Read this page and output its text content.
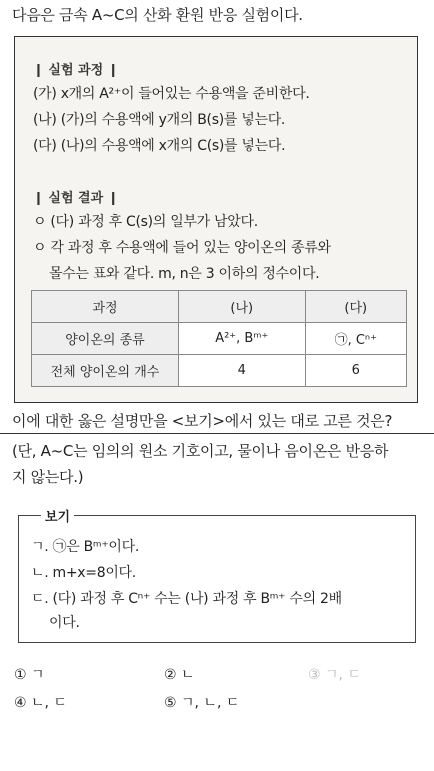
다음은 금속 A~C의 산화 환원 반응 실험이다.
❙ 실험 과정 ❙
(가) x개의 A²⁺이 들어있는 수용액을 준비한다.
(나) (가)의 수용액에 y개의 B(s)를 넣는다.
(다) (나)의 수용액에 x개의 C(s)를 넣는다.
❙ 실험 결과 ❙
ㅇ (다) 과정 후 C(s)의 일부가 남았다.
ㅇ 각 과정 후 수용액에 들어 있는 양이온의 종류와
몰수는 표와 같다. m, n은 3 이하의 정수이다.
과정	(나)	(다)
양이온의 종류	A²⁺, Bᵐ⁺	㉠, Cⁿ⁺
전체 양이온의 개수	4	6
이에 대한 옳은 설명만을 <보기>에서 있는 대로 고른 것은?
(단, A~C는 임의의 원소 기호이고, 물이나 음이온은 반응하
지 않는다.)
보기
ㄱ. ㉠은 Bᵐ⁺이다.
ㄴ. m+x=8이다.
ㄷ. (다) 과정 후 Cⁿ⁺ 수는 (나) 과정 후 Bᵐ⁺ 수의 2배
이다.
① ㄱ	② ㄴ	③ ㄱ, ㄷ
④ ㄴ, ㄷ	⑤ ㄱ, ㄴ, ㄷ
